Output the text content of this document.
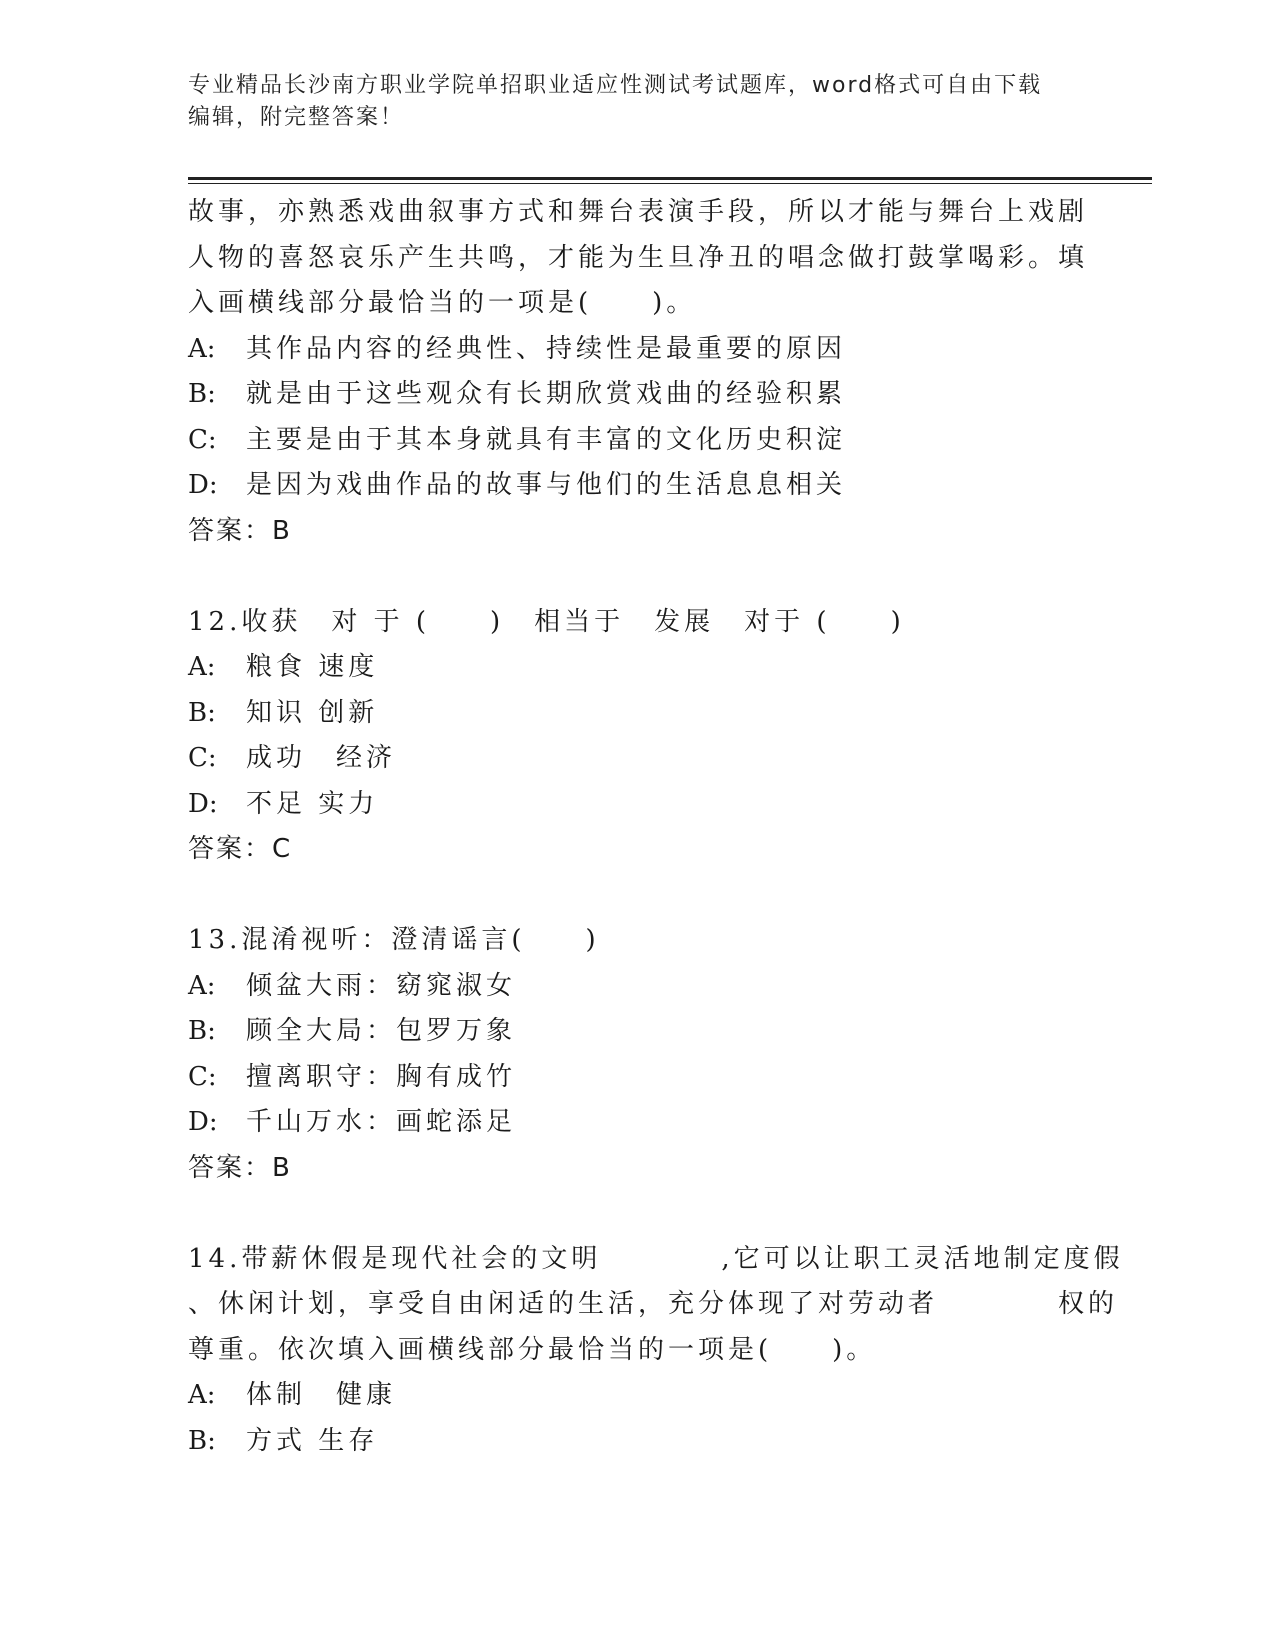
专业精品长沙南方职业学院单招职业适应性测试考试题库，word格式可自由下载
编辑，附完整答案！
故事，亦熟悉戏曲叙事方式和舞台表演手段，所以才能与舞台上戏剧
人物的喜怒哀乐产生共鸣，才能为生旦净丑的唱念做打鼓掌喝彩。填
入画横线部分最恰当的一项是(　　)。
A: 其作品内容的经典性、持续性是最重要的原因
B: 就是由于这些观众有长期欣赏戏曲的经验积累
C: 主要是由于其本身就具有丰富的文化历史积淀
D: 是因为戏曲作品的故事与他们的生活息息相关
答案：B
12.收获　对 于 (　　)　相当于　发展　对于 (　　)
A: 粮食 速度
B: 知识 创新
C: 成功　经济
D: 不足 实力
答案：C
13.混淆视听：澄清谣言(　　)
A: 倾盆大雨：窈窕淑女
B: 顾全大局：包罗万象
C: 擅离职守：胸有成竹
D: 千山万水：画蛇添足
答案：B
14.带薪休假是现代社会的文明　　　　,它可以让职工灵活地制定度假
、休闲计划，享受自由闲适的生活，充分体现了对劳动者　　　　权的
尊重。依次填入画横线部分最恰当的一项是(　　)。
A: 体制　健康
B: 方式 生存
